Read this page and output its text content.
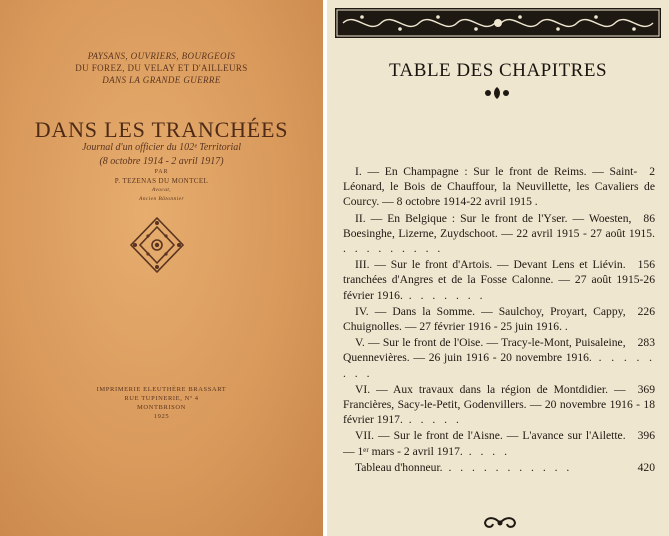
PAYSANS, OUVRIERS, BOURGEOIS
DU FOREZ, DU VELAY ET D'AILLEURS
DANS LA GRANDE GUERRE
DANS LES TRANCHÉES
Journal d'un officier du 102ᵉ Territorial
(8 octobre 1914 - 2 avril 1917)
PAR
P. TEZENAS DU MONTCEL
Avocat,
Ancien Bâtonnier
IMPRIMERIE ELEUTHÈRE BRASSART
RUE TUPINERIE, Nº 4
MONTBRISON
1925
TABLE DES CHAPITRES
2
I. — En Champagne : Sur le front de Reims. — Saint-Léonard, le Bois de Chauffour, la Neuvillette, les Cavaliers de Courcy. — 8 octobre 1914-22 avril 1915 .
86
II. — En Belgique : Sur le front de l'Yser. — Woesten, Boesinghe, Lizerne, Zuydschoot. — 22 avril 1915 - 27 août 1915. . . . . . . . . .
156
III. — Sur le front d'Artois. — Devant Lens et Liévin. tranchées d'Angres et de la Fosse Calonne. — 27 août 1915-26 février 1916. . . . . . . .
226
IV. — Dans la Somme. — Saulchoy, Proyart, Cappy, Chuignolles. — 27 février 1916 - 25 juin 1916. .
283
V. — Sur le front de l'Oise. — Tracy-le-Mont, Puisaleine, Quennevières. — 26 juin 1916 - 20 novembre 1916. . . . . . . . .
369
VI. — Aux travaux dans la région de Montdidier. — Francières, Sacy-le-Petit, Godenvillers. — 20 novembre 1916 - 18 février 1917. . . . . .
396
VII. — Sur le front de l'Aisne. — L'avance sur l'Ailette. — 1ᵉʳ mars - 2 avril 1917. . . . .
420
Tableau d'honneur. . . . . . . . . . . .
